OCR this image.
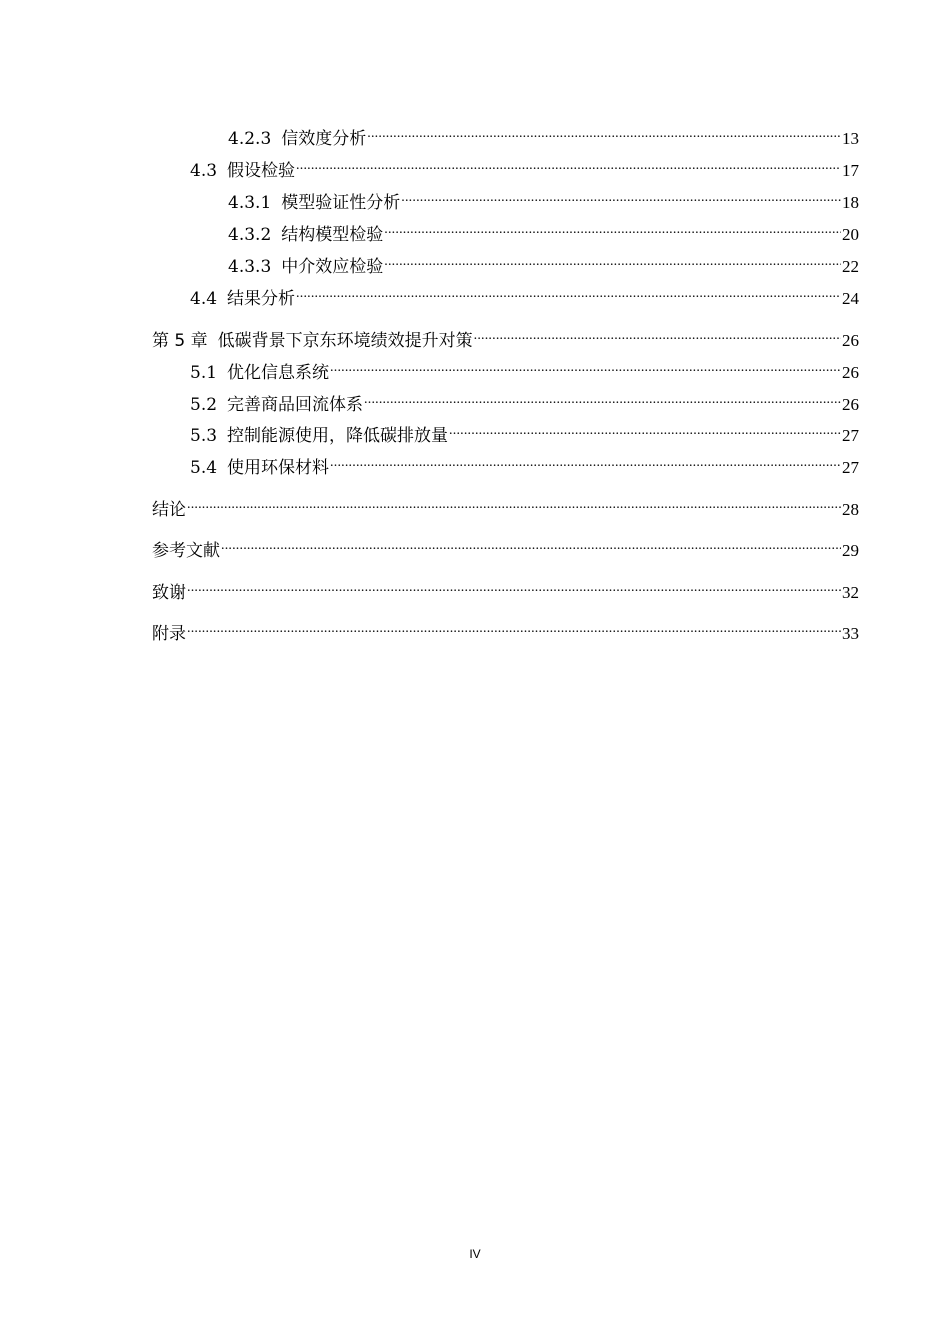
4.2.3 信效度分析 .....	13
4.3 假设检验 .....	17
4.3.1 模型验证性分析 .....	18
4.3.2 结构模型检验 .....	20
4.3.3 中介效应检验 .....	22
4.4 结果分析 .....	24
第 5 章 低碳背景下京东环境绩效提升对策 .....	26
5.1 优化信息系统 .....	26
5.2 完善商品回流体系 .....	26
5.3 控制能源使用，降低碳排放量 .....	27
5.4 使用环保材料 .....	27
结论 .....	28
参考文献 .....	29
致谢 .....	32
附录 .....	33
IV
